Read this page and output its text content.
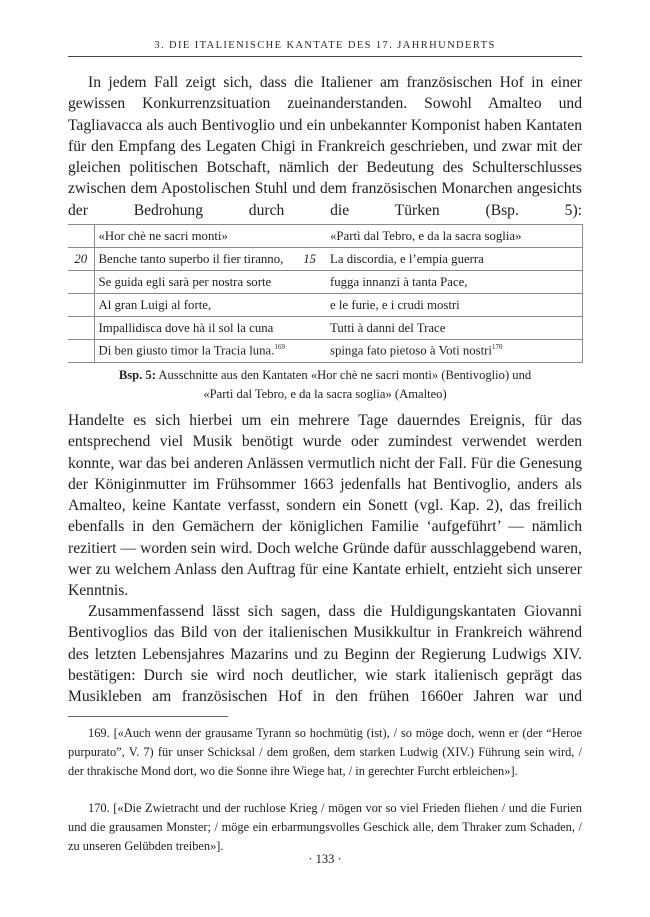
3. DIE ITALIENISCHE KANTATE DES 17. JAHRHUNDERTS

In jedem Fall zeigt sich, dass die Italiener am französischen Hof in einer gewissen Konkurrenzsituation zueinanderstanden. Sowohl Amalteo und Tagliavacca als auch Bentivoglio und ein unbekannter Komponist haben Kantaten für den Empfang des Legaten Chigi in Frankreich geschrieben, und zwar mit der gleichen politischen Botschaft, nämlich der Bedeutung des Schulterschlusses zwischen dem Apostolischen Stuhl und dem französischen Monarchen angesichts der Bedrohung durch die Türken (Bsp. 5):

	«Hor chè ne sacri monti»		«Partì dal Tebro, e da la sacra soglia»
20	Benche tanto superbo il fier tiranno,	15	La discordia, e l’empia guerra
	Se guida egli sarà per nostra sorte		fugga innanzi à tanta Pace,
	Al gran Luigi al forte,		e le furie, e i crudi mostri
	Impallidisca dove hà il sol la cuna		Tutti à danni del Trace
	Di ben giusto timor la Tracia luna.$^{169}$		spinga fato pietoso à Voti nostri$^{170}$
Bsp. 5: Ausschnitte aus den Kantaten «Hor chè ne sacri monti» (Bentivoglio) und
«Partì dal Tebro, e da la sacra soglia» (Amalteo)

Handelte es sich hierbei um ein mehrere Tage dauerndes Ereignis, für das entsprechend viel Musik benötigt wurde oder zumindest verwendet werden konnte, war das bei anderen Anlässen vermutlich nicht der Fall. Für die Genesung der Königinmutter im Frühsommer 1663 jedenfalls hat Bentivoglio, anders als Amalteo, keine Kantate verfasst, sondern ein Sonett (vgl. Kap. 2), das freilich ebenfalls in den Gemächern der königlichen Familie ‘aufgeführt’ — nämlich rezitiert — worden sein wird. Doch welche Gründe dafür ausschlaggebend waren, wer zu welchem Anlass den Auftrag für eine Kantate erhielt, entzieht sich unserer Kenntnis.

Zusammenfassend lässt sich sagen, dass die Huldigungskantaten Giovanni Bentivoglios das Bild von der italienischen Musikkultur in Frankreich während des letzten Lebensjahres Mazarins und zu Beginn der Regierung Ludwigs XIV. bestätigen: Durch sie wird noch deutlicher, wie stark italienisch geprägt das Musikleben am französischen Hof in den frühen 1660er Jahren war und

169. [«Auch wenn der grausame Tyrann so hochmütig (ist), / so möge doch, wenn er (der “Heroe purpurato”, V. 7) für unser Schicksal / dem großen, dem starken Ludwig (XIV.) Führung sein wird, / der thrakische Mond dort, wo die Sonne ihre Wiege hat, / in gerechter Furcht erbleichen»].

170. [«Die Zwietracht und der ruchlose Krieg / mögen vor so viel Frieden fliehen / und die Furien und die grausamen Monster; / möge ein erbarmungsvolles Geschick alle, dem Thraker zum Schaden, / zu unseren Gelübden treiben»].

· 133 ·
